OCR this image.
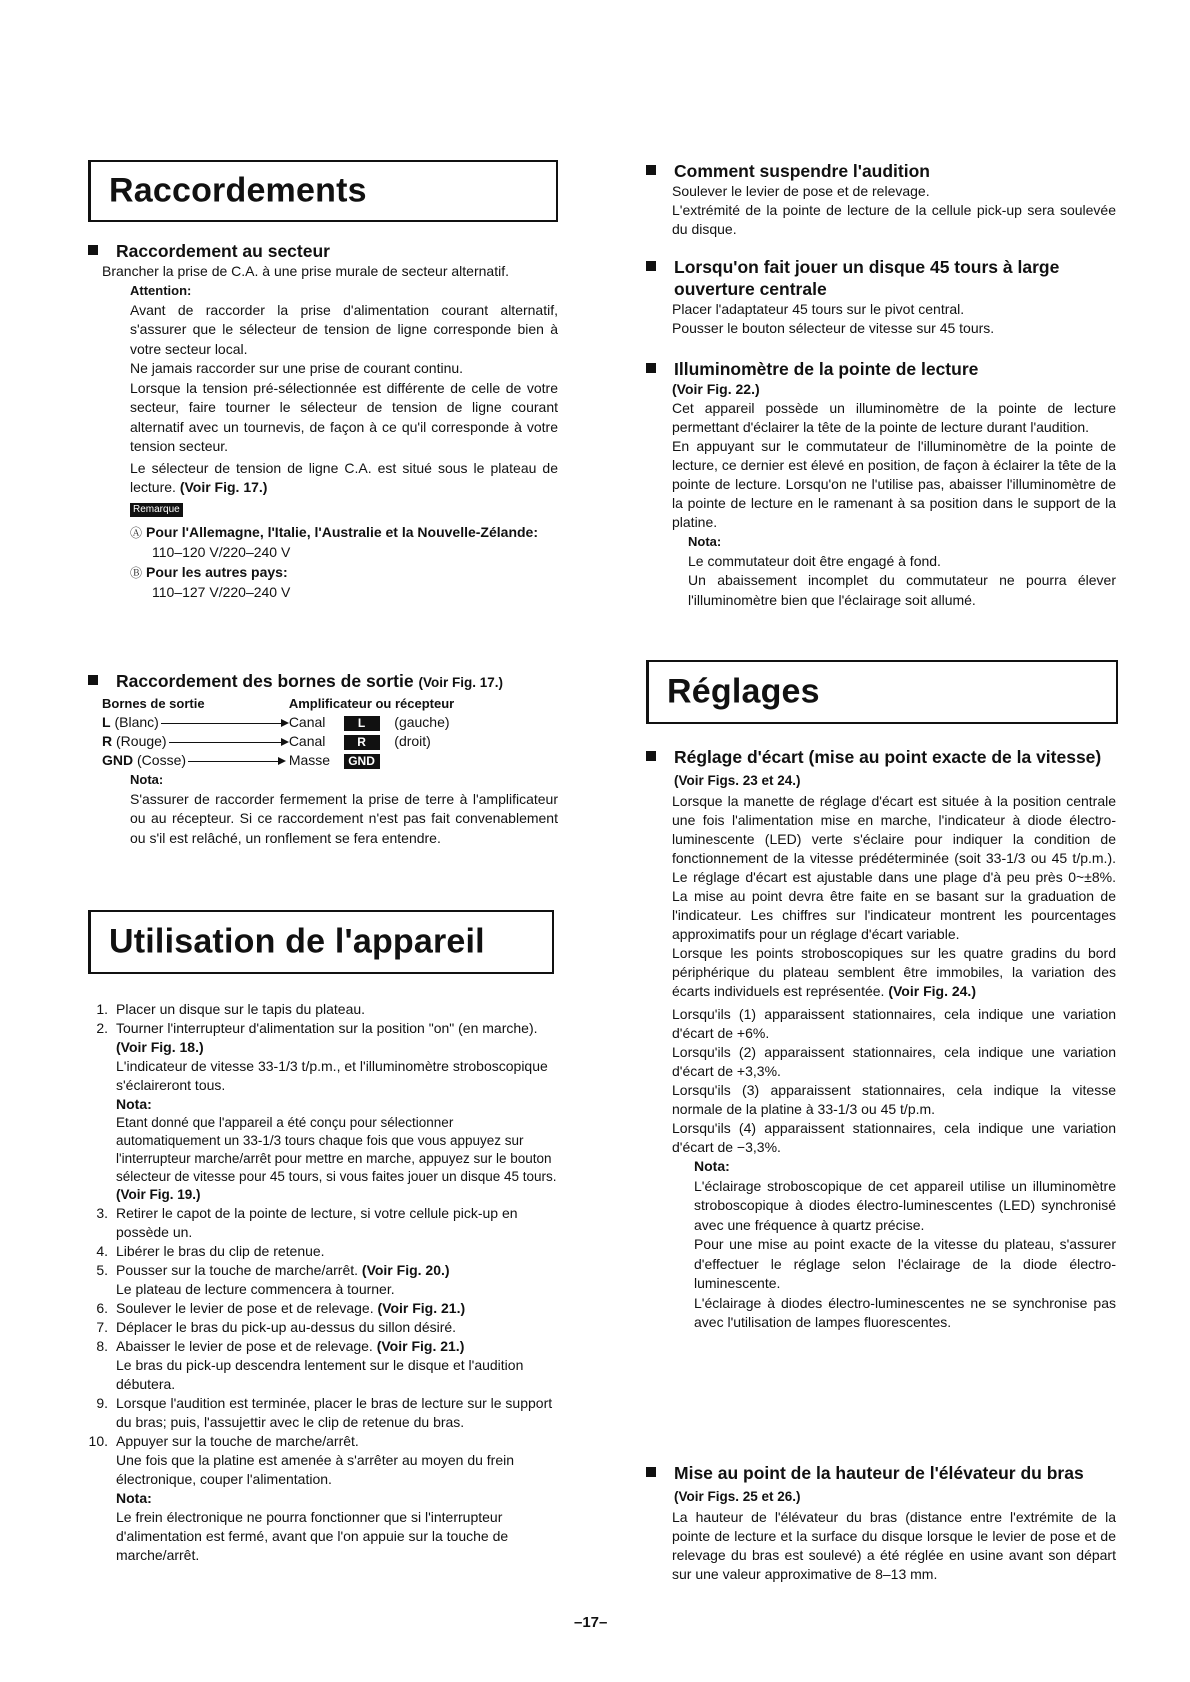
Raccordements
Raccordement au secteur
Brancher la prise de C.A. à une prise murale de secteur alternatif.
Attention:
Avant de raccorder la prise d'alimentation courant alternatif, s'assurer que le sélecteur de tension de ligne corresponde bien à votre secteur local.
Ne jamais raccorder sur une prise de courant continu.
Lorsque la tension pré-sélectionnée est différente de celle de votre secteur, faire tourner le sélecteur de tension de ligne courant alternatif avec un tournevis, de façon à ce qu'il corresponde à votre tension secteur.
Le sélecteur de tension de ligne C.A. est situé sous le plateau de lecture. (Voir Fig. 17.)
Remarque
Ⓐ Pour l'Allemagne, l'Italie, l'Australie et la Nouvelle-Zélande:
110–120 V/220–240 V
Ⓑ Pour les autres pays:
110–127 V/220–240 V
Raccordement des bornes de sortie (Voir Fig. 17.)
Bornes de sortie	Amplificateur ou récepteur		
L (Blanc)	Canal	L	(gauche)
R (Rouge)	Canal	R	(droit)
GND (Cosse)	Masse	GND	
Nota:
S'assurer de raccorder fermement la prise de terre à l'amplificateur ou au récepteur. Si ce raccordement n'est pas fait convenablement ou s'il est relâché, un ronflement se fera entendre.
Utilisation de l'appareil
1. Placer un disque sur le tapis du plateau.
2. Tourner l'interrupteur d'alimentation sur la position "on" (en marche). (Voir Fig. 18.)
L'indicateur de vitesse 33-1/3 t/p.m., et l'illuminomètre stroboscopique s'éclaireront tous.
Nota:
Etant donné que l'appareil a été conçu pour sélectionner automatiquement un 33-1/3 tours chaque fois que vous appuyez sur l'interrupteur marche/arrêt pour mettre en marche, appuyez sur le bouton sélecteur de vitesse pour 45 tours, si vous faites jouer un disque 45 tours.
(Voir Fig. 19.)
3. Retirer le capot de la pointe de lecture, si votre cellule pick-up en possède un.
4. Libérer le bras du clip de retenue.
5. Pousser sur la touche de marche/arrêt. (Voir Fig. 20.)
Le plateau de lecture commencera à tourner.
6. Soulever le levier de pose et de relevage. (Voir Fig. 21.)
7. Déplacer le bras du pick-up au-dessus du sillon désiré.
8. Abaisser le levier de pose et de relevage. (Voir Fig. 21.)
Le bras du pick-up descendra lentement sur le disque et l'audition débutera.
9. Lorsque l'audition est terminée, placer le bras de lecture sur le support du bras; puis, l'assujettir avec le clip de retenue du bras.
10. Appuyer sur la touche de marche/arrêt.
Une fois que la platine est amenée à s'arrêter au moyen du frein électronique, couper l'alimentation.
Nota:
Le frein électronique ne pourra fonctionner que si l'interrupteur d'alimentation est fermé, avant que l'on appuie sur la touche de marche/arrêt.
Comment suspendre l'audition
Soulever le levier de pose et de relevage.
L'extrémité de la pointe de lecture de la cellule pick-up sera soulevée du disque.
Lorsqu'on fait jouer un disque 45 tours à large ouverture centrale
Placer l'adaptateur 45 tours sur le pivot central.
Pousser le bouton sélecteur de vitesse sur 45 tours.
Illuminomètre de la pointe de lecture
(Voir Fig. 22.)
Cet appareil possède un illuminomètre de la pointe de lecture permettant d'éclairer la tête de la pointe de lecture durant l'audition.
En appuyant sur le commutateur de l'illuminomètre de la pointe de lecture, ce dernier est élevé en position, de façon à éclairer la tête de la pointe de lecture. Lorsqu'on ne l'utilise pas, abaisser l'illuminomètre de la pointe de lecture en le ramenant à sa position dans le support de la platine.
Nota:
Le commutateur doit être engagé à fond.
Un abaissement incomplet du commutateur ne pourra élever l'illuminomètre bien que l'éclairage soit allumé.
Réglages
Réglage d'écart (mise au point exacte de la vitesse) (Voir Figs. 23 et 24.)
Lorsque la manette de réglage d'écart est située à la position centrale une fois l'alimentation mise en marche, l'indicateur à diode électro-luminescente (LED) verte s'éclaire pour indiquer la condition de fonctionnement de la vitesse prédéterminée (soit 33-1/3 ou 45 t/p.m.). Le réglage d'écart est ajustable dans une plage d'à peu près 0~±8%. La mise au point devra être faite en se basant sur la graduation de l'indicateur. Les chiffres sur l'indicateur montrent les pourcentages approximatifs pour un réglage d'écart variable.
Lorsque les points stroboscopiques sur les quatre gradins du bord périphérique du plateau semblent être immobiles, la variation des écarts individuels est représentée. (Voir Fig. 24.)
Lorsqu'ils (1) apparaissent stationnaires, cela indique une variation d'écart de +6%.
Lorsqu'ils (2) apparaissent stationnaires, cela indique une variation d'écart de +3,3%.
Lorsqu'ils (3) apparaissent stationnaires, cela indique la vitesse normale de la platine à 33-1/3 ou 45 t/p.m.
Lorsqu'ils (4) apparaissent stationnaires, cela indique une variation d'écart de −3,3%.
Nota:
L'éclairage stroboscopique de cet appareil utilise un illuminomètre stroboscopique à diodes électro-luminescentes (LED) synchronisé avec une fréquence à quartz précise.
Pour une mise au point exacte de la vitesse du plateau, s'assurer d'effectuer le réglage selon l'éclairage de la diode électro-luminescente.
L'éclairage à diodes électro-luminescentes ne se synchronise pas avec l'utilisation de lampes fluorescentes.
Mise au point de la hauteur de l'élévateur du bras (Voir Figs. 25 et 26.)
La hauteur de l'élévateur du bras (distance entre l'extrémite de la pointe de lecture et la surface du disque lorsque le levier de pose et de relevage du bras est soulevé) a été réglée en usine avant son départ sur une valeur approximative de 8–13 mm.
–17–
